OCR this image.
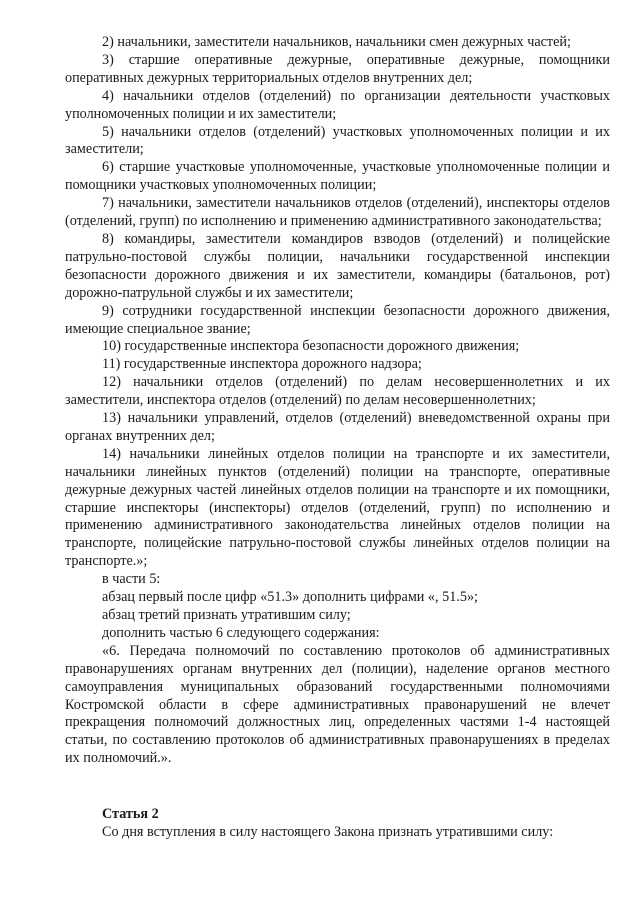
2) начальники, заместители начальников, начальники смен дежурных частей;

3) старшие оперативные дежурные, оперативные дежурные, помощники оперативных дежурных территориальных отделов внутренних дел;

4) начальники отделов (отделений) по организации деятельности участковых уполномоченных полиции и их заместители;

5) начальники отделов (отделений) участковых уполномоченных полиции и их заместители;

6) старшие участковые уполномоченные, участковые уполномоченные полиции и помощники участковых уполномоченных полиции;

7) начальники, заместители начальников отделов (отделений), инспекторы отделов (отделений, групп) по исполнению и применению административного законодательства;

8) командиры, заместители командиров взводов (отделений) и полицейские патрульно-постовой службы полиции, начальники государственной инспекции безопасности дорожного движения и их заместители, командиры (батальонов, рот) дорожно-патрульной службы и их заместители;

9) сотрудники государственной инспекции безопасности дорожного движения, имеющие специальное звание;

10) государственные инспектора безопасности дорожного движения;

11) государственные инспектора дорожного надзора;

12) начальники отделов (отделений) по делам несовершеннолетних и их заместители, инспектора отделов (отделений) по делам несовершеннолетних;

13) начальники управлений, отделов (отделений) вневедомственной охраны при органах внутренних дел;

14) начальники линейных отделов полиции на транспорте и их заместители, начальники линейных пунктов (отделений) полиции на транспорте, оперативные дежурные дежурных частей линейных отделов полиции на транспорте и их помощники, старшие инспекторы (инспекторы) отделов (отделений, групп) по исполнению и применению административного законодательства линейных отделов полиции на транспорте, полицейские патрульно-постовой службы линейных отделов полиции на транспорте.»;

в части 5:

абзац первый после цифр «51.3» дополнить цифрами «, 51.5»;

абзац третий признать утратившим силу;

дополнить частью 6 следующего содержания:

«6. Передача полномочий по составлению протоколов об административных правонарушениях органам внутренних дел (полиции), наделение органов местного самоуправления муниципальных образований государственными полномочиями Костромской области в сфере административных правонарушений не влечет прекращения полномочий должностных лиц, определенных частями 1-4 настоящей статьи, по составлению протоколов об административных правонарушениях в пределах их полномочий.».

Статья 2

Со дня вступления в силу настоящего Закона признать утратившими силу:
